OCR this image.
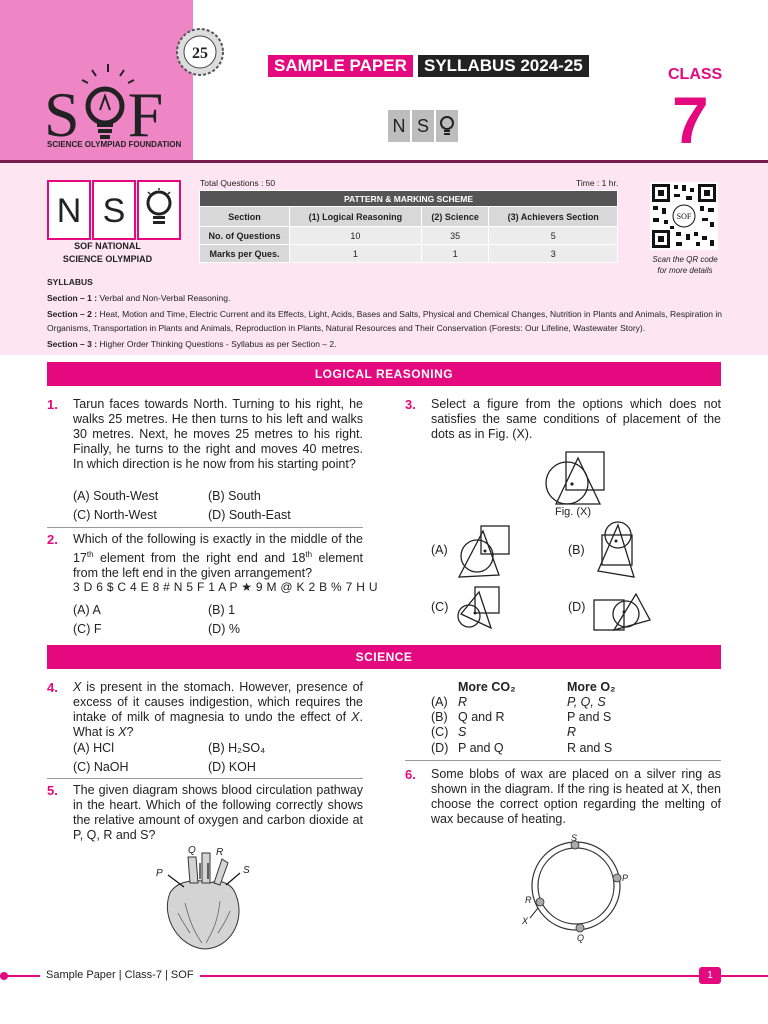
S F
SCIENCE OLYMPIAD FOUNDATION
25
SAMPLE PAPER	SYLLABUS 2024-25	CLASS
7
N S
N S
SOF NATIONAL
SCIENCE OLYMPIAD
Total Questions : 50	Time : 1 hr.
PATTERN & MARKING SCHEME			
Section	(1) Logical Reasoning	(2) Science	(3) Achievers Section
No. of Questions	10	35	5
Marks per Ques.	1	1	3
SOF
Scan the QR code
for more details
SYLLABUS
Section – 1 : Verbal and Non-Verbal Reasoning.
Section – 2 : Heat, Motion and Time, Electric Current and its Effects, Light, Acids, Bases and Salts, Physical and Chemical Changes, Nutrition in Plants and Animals, Respiration in Organisms, Transportation in Plants and Animals, Reproduction in Plants, Natural Resources and Their Conservation (Forests: Our Lifeline, Wastewater Story).
Section – 3 : Higher Order Thinking Questions - Syllabus as per Section – 2.
LOGICAL REASONING
1. Tarun faces towards North. Turning to his right, he walks 25 metres. He then turns to his left and walks 30 metres. Next, he moves 25 metres to his right. Finally, he turns to the right and moves 40 metres. In which direction is he now from his starting point?
(A) South-West	(B) South
(C) North-West	(D) South-East
2. Which of the following is exactly in the middle of the 17th element from the right end and 18th element from the left end in the given arrangement?
3 D 6 $ C 4 E 8 # N 5 F 1 A P ★ 9 M @ K 2 B % 7 H U
(A) A	(B) 1
(C) F	(D) %
3. Select a figure from the options which does not satisfies the same conditions of placement of the dots as in Fig. (X).
Fig. (X)
(A)	(B)
(C)	(D)
SCIENCE
4. X is present in the stomach. However, presence of excess of it causes indigestion, which requires the intake of milk of magnesia to undo the effect of X. What is X?
(A) HCl	(B) H₂SO₄
(C) NaOH	(D) KOH
5. The given diagram shows blood circulation pathway in the heart. Which of the following correctly shows the relative amount of oxygen and carbon dioxide at P, Q, R and S?
Q R
P	S
More CO₂	More O₂
(A) R	P, Q, S
(B) Q and R	P and S
(C) S	R
(D) P and Q	R and S
6. Some blobs of wax are placed on a silver ring as shown in the diagram. If the ring is heated at X, then choose the correct option regarding the melting of wax because of heating.
S
P
R
X
Q
Sample Paper | Class-7 | SOF	1
